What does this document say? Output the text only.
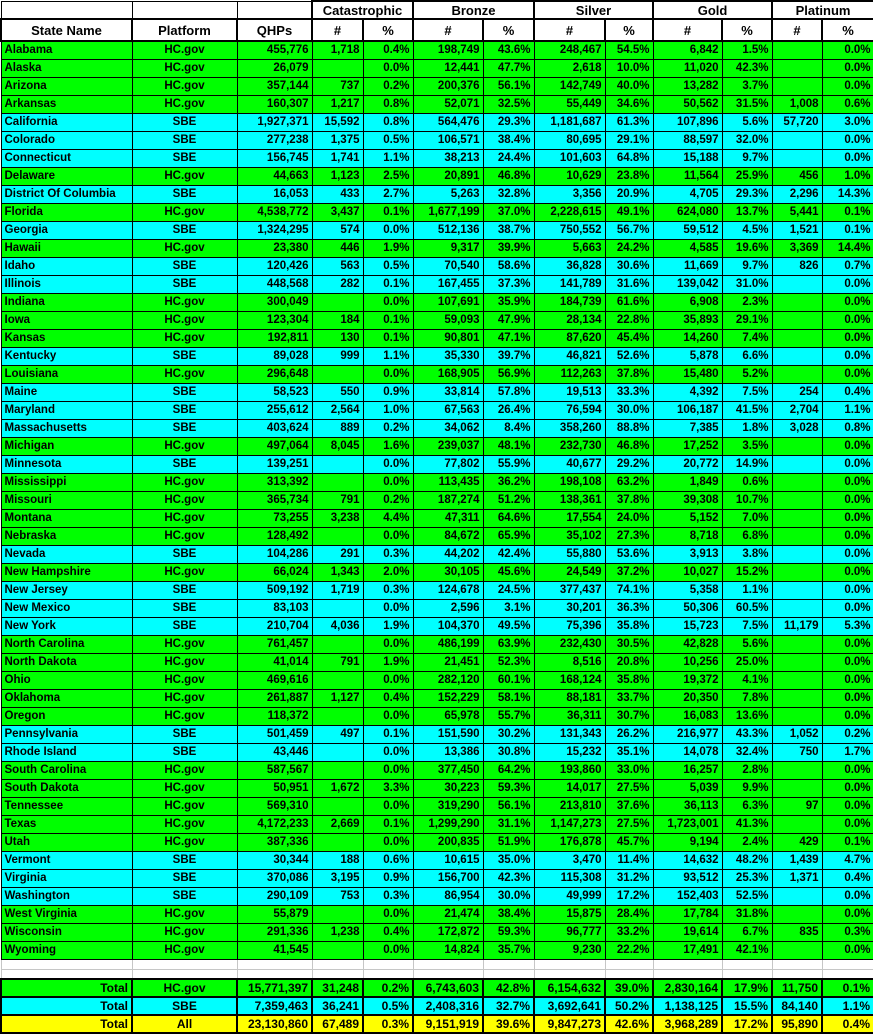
			Catastrophic		Bronze		Silver		Gold		Platinum	
State Name	Platform	QHPs	#	%	#	%	#	%	#	%	#	%
Alabama	HC.gov	455,776	1,718	0.4%	198,749	43.6%	248,467	54.5%	6,842	1.5%		0.0%
Alaska	HC.gov	26,079		0.0%	12,441	47.7%	2,618	10.0%	11,020	42.3%		0.0%
Arizona	HC.gov	357,144	737	0.2%	200,376	56.1%	142,749	40.0%	13,282	3.7%		0.0%
Arkansas	HC.gov	160,307	1,217	0.8%	52,071	32.5%	55,449	34.6%	50,562	31.5%	1,008	0.6%
California	SBE	1,927,371	15,592	0.8%	564,476	29.3%	1,181,687	61.3%	107,896	5.6%	57,720	3.0%
Colorado	SBE	277,238	1,375	0.5%	106,571	38.4%	80,695	29.1%	88,597	32.0%		0.0%
Connecticut	SBE	156,745	1,741	1.1%	38,213	24.4%	101,603	64.8%	15,188	9.7%		0.0%
Delaware	HC.gov	44,663	1,123	2.5%	20,891	46.8%	10,629	23.8%	11,564	25.9%	456	1.0%
District Of Columbia	SBE	16,053	433	2.7%	5,263	32.8%	3,356	20.9%	4,705	29.3%	2,296	14.3%
Florida	HC.gov	4,538,772	3,437	0.1%	1,677,199	37.0%	2,228,615	49.1%	624,080	13.7%	5,441	0.1%
Georgia	SBE	1,324,295	574	0.0%	512,136	38.7%	750,552	56.7%	59,512	4.5%	1,521	0.1%
Hawaii	HC.gov	23,380	446	1.9%	9,317	39.9%	5,663	24.2%	4,585	19.6%	3,369	14.4%
Idaho	SBE	120,426	563	0.5%	70,540	58.6%	36,828	30.6%	11,669	9.7%	826	0.7%
Illinois	SBE	448,568	282	0.1%	167,455	37.3%	141,789	31.6%	139,042	31.0%		0.0%
Indiana	HC.gov	300,049		0.0%	107,691	35.9%	184,739	61.6%	6,908	2.3%		0.0%
Iowa	HC.gov	123,304	184	0.1%	59,093	47.9%	28,134	22.8%	35,893	29.1%		0.0%
Kansas	HC.gov	192,811	130	0.1%	90,801	47.1%	87,620	45.4%	14,260	7.4%		0.0%
Kentucky	SBE	89,028	999	1.1%	35,330	39.7%	46,821	52.6%	5,878	6.6%		0.0%
Louisiana	HC.gov	296,648		0.0%	168,905	56.9%	112,263	37.8%	15,480	5.2%		0.0%
Maine	SBE	58,523	550	0.9%	33,814	57.8%	19,513	33.3%	4,392	7.5%	254	0.4%
Maryland	SBE	255,612	2,564	1.0%	67,563	26.4%	76,594	30.0%	106,187	41.5%	2,704	1.1%
Massachusetts	SBE	403,624	889	0.2%	34,062	8.4%	358,260	88.8%	7,385	1.8%	3,028	0.8%
Michigan	HC.gov	497,064	8,045	1.6%	239,037	48.1%	232,730	46.8%	17,252	3.5%		0.0%
Minnesota	SBE	139,251		0.0%	77,802	55.9%	40,677	29.2%	20,772	14.9%		0.0%
Mississippi	HC.gov	313,392		0.0%	113,435	36.2%	198,108	63.2%	1,849	0.6%		0.0%
Missouri	HC.gov	365,734	791	0.2%	187,274	51.2%	138,361	37.8%	39,308	10.7%		0.0%
Montana	HC.gov	73,255	3,238	4.4%	47,311	64.6%	17,554	24.0%	5,152	7.0%		0.0%
Nebraska	HC.gov	128,492		0.0%	84,672	65.9%	35,102	27.3%	8,718	6.8%		0.0%
Nevada	SBE	104,286	291	0.3%	44,202	42.4%	55,880	53.6%	3,913	3.8%		0.0%
New Hampshire	HC.gov	66,024	1,343	2.0%	30,105	45.6%	24,549	37.2%	10,027	15.2%		0.0%
New Jersey	SBE	509,192	1,719	0.3%	124,678	24.5%	377,437	74.1%	5,358	1.1%		0.0%
New Mexico	SBE	83,103		0.0%	2,596	3.1%	30,201	36.3%	50,306	60.5%		0.0%
New York	SBE	210,704	4,036	1.9%	104,370	49.5%	75,396	35.8%	15,723	7.5%	11,179	5.3%
North Carolina	HC.gov	761,457		0.0%	486,199	63.9%	232,430	30.5%	42,828	5.6%		0.0%
North Dakota	HC.gov	41,014	791	1.9%	21,451	52.3%	8,516	20.8%	10,256	25.0%		0.0%
Ohio	HC.gov	469,616		0.0%	282,120	60.1%	168,124	35.8%	19,372	4.1%		0.0%
Oklahoma	HC.gov	261,887	1,127	0.4%	152,229	58.1%	88,181	33.7%	20,350	7.8%		0.0%
Oregon	HC.gov	118,372		0.0%	65,978	55.7%	36,311	30.7%	16,083	13.6%		0.0%
Pennsylvania	SBE	501,459	497	0.1%	151,590	30.2%	131,343	26.2%	216,977	43.3%	1,052	0.2%
Rhode Island	SBE	43,446		0.0%	13,386	30.8%	15,232	35.1%	14,078	32.4%	750	1.7%
South Carolina	HC.gov	587,567		0.0%	377,450	64.2%	193,860	33.0%	16,257	2.8%		0.0%
South Dakota	HC.gov	50,951	1,672	3.3%	30,223	59.3%	14,017	27.5%	5,039	9.9%		0.0%
Tennessee	HC.gov	569,310		0.0%	319,290	56.1%	213,810	37.6%	36,113	6.3%	97	0.0%
Texas	HC.gov	4,172,233	2,669	0.1%	1,299,290	31.1%	1,147,273	27.5%	1,723,001	41.3%		0.0%
Utah	HC.gov	387,336		0.0%	200,835	51.9%	176,878	45.7%	9,194	2.4%	429	0.1%
Vermont	SBE	30,344	188	0.6%	10,615	35.0%	3,470	11.4%	14,632	48.2%	1,439	4.7%
Virginia	SBE	370,086	3,195	0.9%	156,700	42.3%	115,308	31.2%	93,512	25.3%	1,371	0.4%
Washington	SBE	290,109	753	0.3%	86,954	30.0%	49,999	17.2%	152,403	52.5%		0.0%
West Virginia	HC.gov	55,879		0.0%	21,474	38.4%	15,875	28.4%	17,784	31.8%		0.0%
Wisconsin	HC.gov	291,336	1,238	0.4%	172,872	59.3%	96,777	33.2%	19,614	6.7%	835	0.3%
Wyoming	HC.gov	41,545		0.0%	14,824	35.7%	9,230	22.2%	17,491	42.1%		0.0%

Total	HC.gov	15,771,397	31,248	0.2%	6,743,603	42.8%	6,154,632	39.0%	2,830,164	17.9%	11,750	0.1%
Total	SBE	7,359,463	36,241	0.5%	2,408,316	32.7%	3,692,641	50.2%	1,138,125	15.5%	84,140	1.1%
Total	All	23,130,860	67,489	0.3%	9,151,919	39.6%	9,847,273	42.6%	3,968,289	17.2%	95,890	0.4%
